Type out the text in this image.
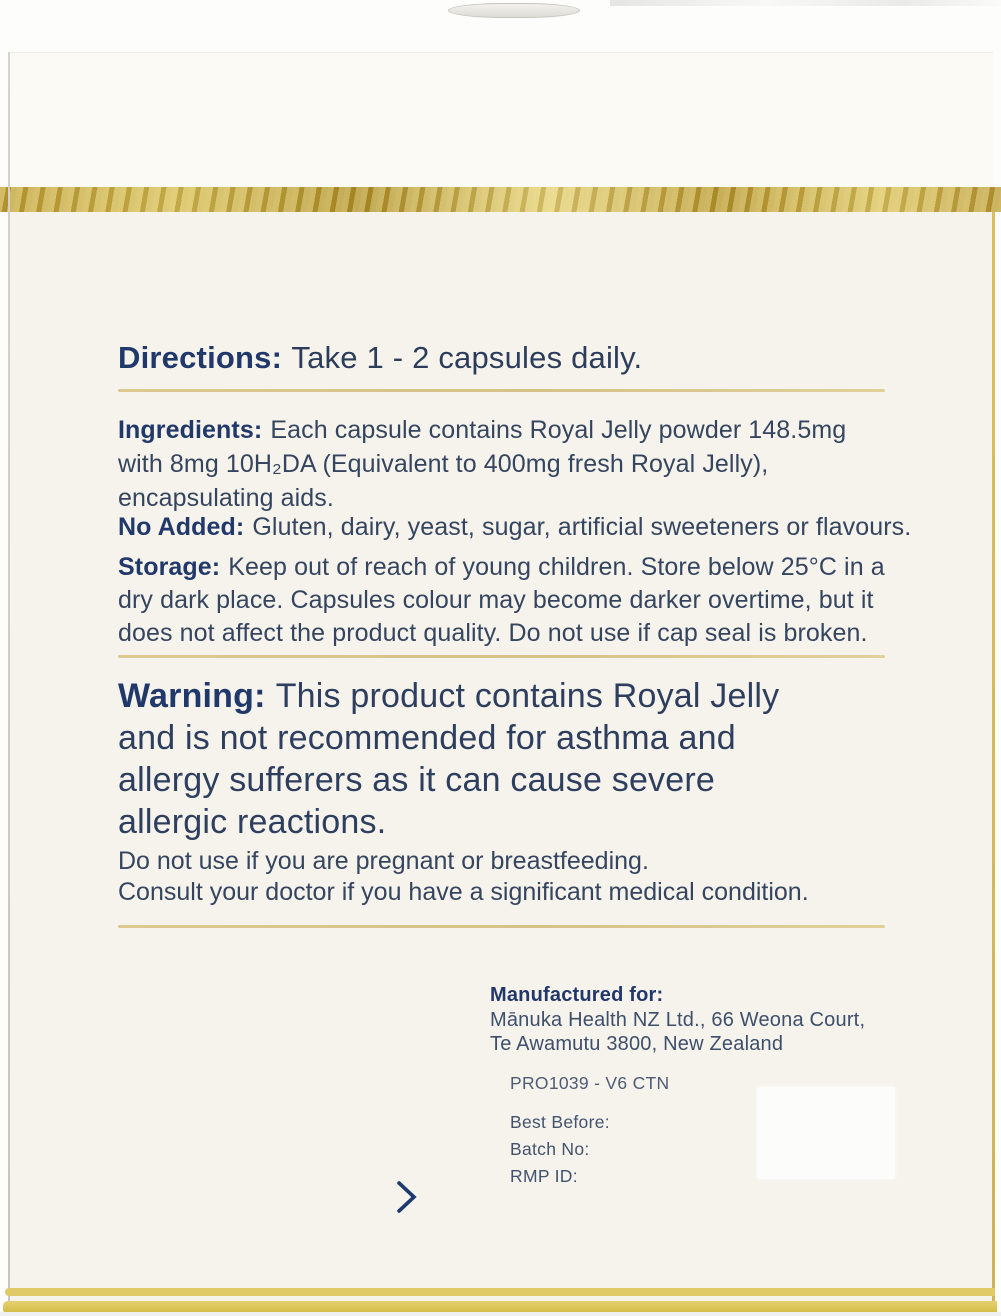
Directions: Take 1 - 2 capsules daily.
Ingredients: Each capsule contains Royal Jelly powder 148.5mg
with 8mg 10H₂DA (Equivalent to 400mg fresh Royal Jelly),
encapsulating aids.
No Added: Gluten, dairy, yeast, sugar, artificial sweeteners or flavours.
Storage: Keep out of reach of young children. Store below 25°C in a
dry dark place. Capsules colour may become darker overtime, but it
does not affect the product quality. Do not use if cap seal is broken.
Warning: This product contains Royal Jelly
and is not recommended for asthma and
allergy sufferers as it can cause severe
allergic reactions.
Do not use if you are pregnant or breastfeeding.
Consult your doctor if you have a significant medical condition.
Manufactured for:
Mānuka Health NZ Ltd., 66 Weona Court,
Te Awamutu 3800, New Zealand
PRO1039 - V6 CTN
Best Before:
Batch No:
RMP ID:
